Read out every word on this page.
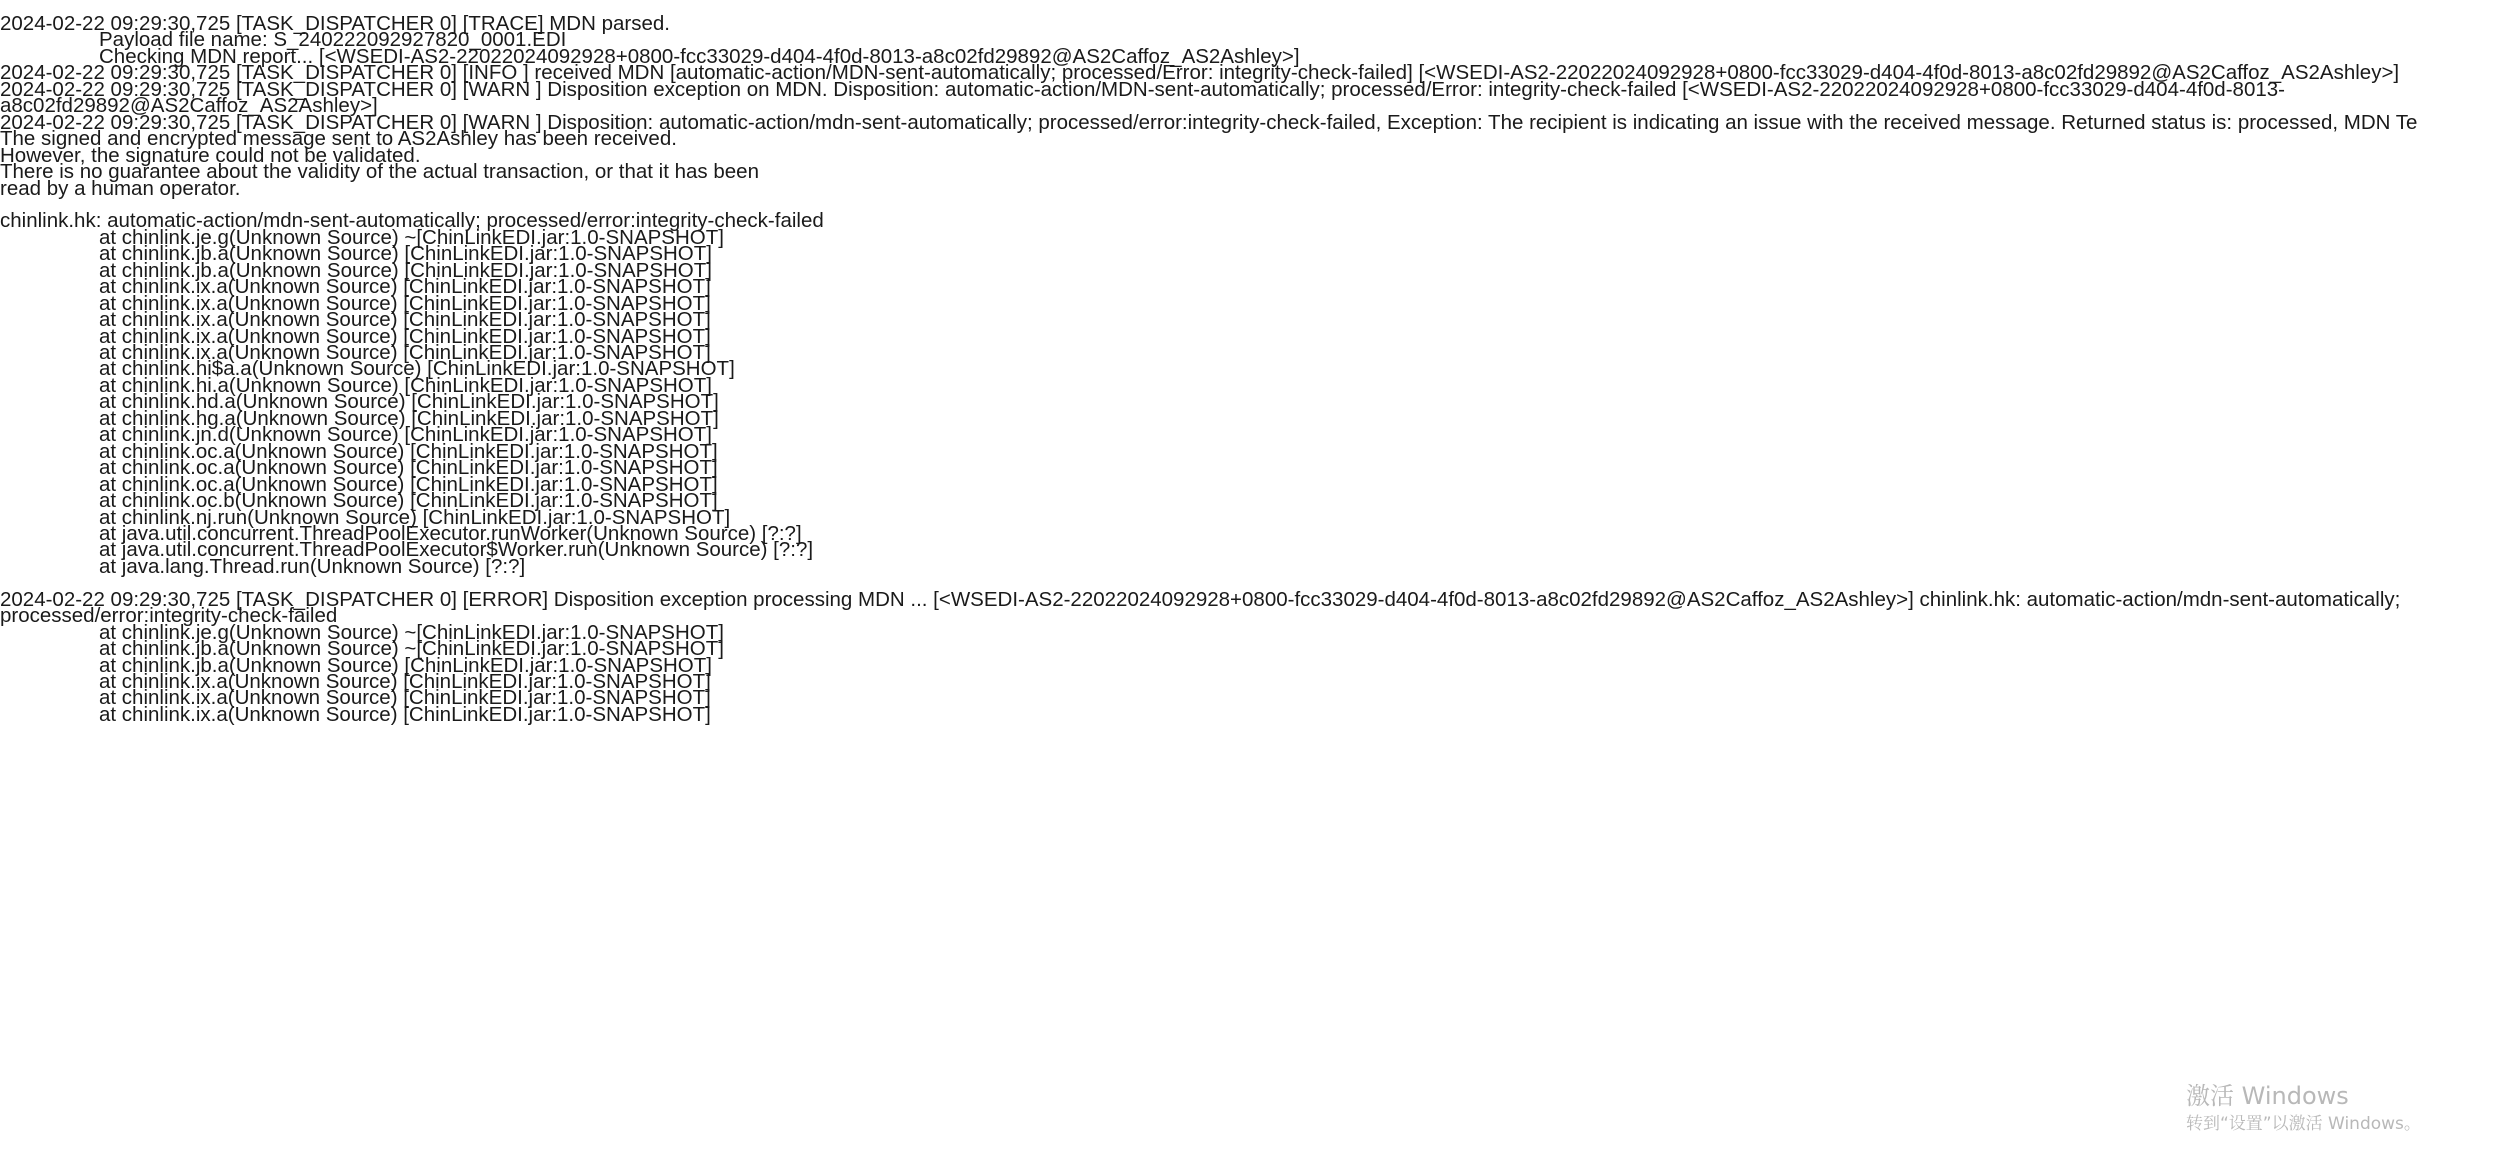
2024-02-22 09:29:30,725 [TASK_DISPATCHER 0] [TRACE] MDN parsed.
Payload file name: S_240222092927820_0001.EDI
Checking MDN report... [<WSEDI-AS2-22022024092928+0800-fcc33029-d404-4f0d-8013-a8c02fd29892@AS2Caffoz_AS2Ashley>]
2024-02-22 09:29:30,725 [TASK_DISPATCHER 0] [INFO ] received MDN [automatic-action/MDN-sent-automatically; processed/Error: integrity-check-failed] [<WSEDI-AS2-22022024092928+0800-fcc33029-d404-4f0d-8013-a8c02fd29892@AS2Caffoz_AS2Ashley>]
2024-02-22 09:29:30,725 [TASK_DISPATCHER 0] [WARN ] Disposition exception on MDN. Disposition: automatic-action/MDN-sent-automatically; processed/Error: integrity-check-failed [<WSEDI-AS2-22022024092928+0800-fcc33029-d404-4f0d-8013-
a8c02fd29892@AS2Caffoz_AS2Ashley>]
2024-02-22 09:29:30,725 [TASK_DISPATCHER 0] [WARN ] Disposition: automatic-action/mdn-sent-automatically; processed/error:integrity-check-failed, Exception: The recipient is indicating an issue with the received message. Returned status is: processed, MDN Te
The signed and encrypted message sent to AS2Ashley has been received.
However, the signature could not be validated.
There is no guarantee about the validity of the actual transaction, or that it has been
read by a human operator.
chinlink.hk: automatic-action/mdn-sent-automatically; processed/error:integrity-check-failed
at chinlink.je.g(Unknown Source) ~[ChinLinkEDI.jar:1.0-SNAPSHOT]
at chinlink.jb.a(Unknown Source) [ChinLinkEDI.jar:1.0-SNAPSHOT]
at chinlink.jb.a(Unknown Source) [ChinLinkEDI.jar:1.0-SNAPSHOT]
at chinlink.ix.a(Unknown Source) [ChinLinkEDI.jar:1.0-SNAPSHOT]
at chinlink.ix.a(Unknown Source) [ChinLinkEDI.jar:1.0-SNAPSHOT]
at chinlink.ix.a(Unknown Source) [ChinLinkEDI.jar:1.0-SNAPSHOT]
at chinlink.ix.a(Unknown Source) [ChinLinkEDI.jar:1.0-SNAPSHOT]
at chinlink.ix.a(Unknown Source) [ChinLinkEDI.jar:1.0-SNAPSHOT]
at chinlink.hi$a.a(Unknown Source) [ChinLinkEDI.jar:1.0-SNAPSHOT]
at chinlink.hi.a(Unknown Source) [ChinLinkEDI.jar:1.0-SNAPSHOT]
at chinlink.hd.a(Unknown Source) [ChinLinkEDI.jar:1.0-SNAPSHOT]
at chinlink.hg.a(Unknown Source) [ChinLinkEDI.jar:1.0-SNAPSHOT]
at chinlink.jn.d(Unknown Source) [ChinLinkEDI.jar:1.0-SNAPSHOT]
at chinlink.oc.a(Unknown Source) [ChinLinkEDI.jar:1.0-SNAPSHOT]
at chinlink.oc.a(Unknown Source) [ChinLinkEDI.jar:1.0-SNAPSHOT]
at chinlink.oc.a(Unknown Source) [ChinLinkEDI.jar:1.0-SNAPSHOT]
at chinlink.oc.b(Unknown Source) [ChinLinkEDI.jar:1.0-SNAPSHOT]
at chinlink.nj.run(Unknown Source) [ChinLinkEDI.jar:1.0-SNAPSHOT]
at java.util.concurrent.ThreadPoolExecutor.runWorker(Unknown Source) [?:?]
at java.util.concurrent.ThreadPoolExecutor$Worker.run(Unknown Source) [?:?]
at java.lang.Thread.run(Unknown Source) [?:?]
2024-02-22 09:29:30,725 [TASK_DISPATCHER 0] [ERROR] Disposition exception processing MDN ... [<WSEDI-AS2-22022024092928+0800-fcc33029-d404-4f0d-8013-a8c02fd29892@AS2Caffoz_AS2Ashley>] chinlink.hk: automatic-action/mdn-sent-automatically;
processed/error:integrity-check-failed
at chinlink.je.g(Unknown Source) ~[ChinLinkEDI.jar:1.0-SNAPSHOT]
at chinlink.jb.a(Unknown Source) ~[ChinLinkEDI.jar:1.0-SNAPSHOT]
at chinlink.jb.a(Unknown Source) [ChinLinkEDI.jar:1.0-SNAPSHOT]
at chinlink.ix.a(Unknown Source) [ChinLinkEDI.jar:1.0-SNAPSHOT]
at chinlink.ix.a(Unknown Source) [ChinLinkEDI.jar:1.0-SNAPSHOT]
at chinlink.ix.a(Unknown Source) [ChinLinkEDI.jar:1.0-SNAPSHOT]
激活 Windows
转到“设置”以激活 Windows。
